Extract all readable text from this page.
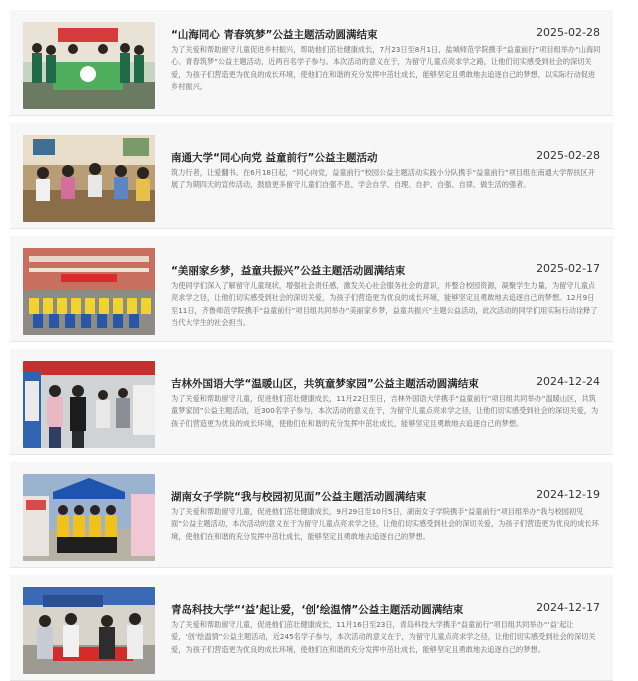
“山海同心 青春筑梦”公益主题活动圆满结束	2025-02-28
为了关爱和帮助留守儿童促进乡村振兴，帮助他们茁壮健康成长，7月23日至8月1日，盐城师范学院携手“益童前行”项目组举办“山海同心、青春筑梦”公益主题活动，近两百名学子参与。本次活动的意义在于，为留守儿童点亮求学之路，让他们切实感受到社会的深切关爱，为孩子们营造更为优良的成长环境，使他们在和谐的充分发挥中茁壮成长，能够坚定且勇敢地去追逐自己的梦想，以实际行动促进乡村振兴。
南通大学“同心向党 益童前行”公益主题活动	2025-02-28
筑力行者，让爱翻书。在6月18日起，“同心向党，益童前行”校园公益主题活动实践小分队携手“益童前行”项目组在南通大学帮扶区开展了为期四天的宣传活动，鼓励更多留守儿童们自强不息，学会自学、自理、自护、自强、自律、做生活的强者。
“美丽家乡梦，益童共振兴”公益主题活动圆满结束	2025-02-17
为使同学们深入了解留守儿童现状，增强社会责任感，激发关心社会服务社会的意识，并整合校园资源，凝聚学生力量，为留守儿童点亮求学之径，让他们切实感受到社会的深切关爱，为孩子们营造更为优良的成长环境，能够坚定且勇敢地去追逐自己的梦想。12月9日至11日，齐鲁师范学院携手“益童前行”项目组共同举办“美丽家乡梦，益童共振兴”主题公益活动，此次活动的同学们用实际行动诠释了当代大学生的社会担当。
吉林外国语大学“温暖山区，共筑童梦家园”公益主题活动圆满结束	2024-12-24
为了关爱和帮助留守儿童，促进他们茁壮健康成长，11月22日至日，吉林外国语大学携手“益童前行”项目组共同举办“温暖山区，共筑童梦家园”公益主题活动，近300名学子参与，本次活动的意义在于，为留守儿童点亮求学之径，让他们切实感受到社会的深切关爱，为孩子们营造更为优良的成长环境，使他们在和谐的充分发挥中茁壮成长，能够坚定且勇敢地去追逐自己的梦想。
湖南女子学院“我与校园初见面”公益主题活动圆满结束	2024-12-19
为了关爱和帮助留守儿童，促进他们茁壮健康成长，9月29日至10月5日，湖南女子学院携手“益童前行”项目组举办“我与校园初见面”公益主题活动，本次活动的意义在于为留守儿童点亮求学之径，让他们切实感受到社会的深切关爱，为孩子们营造更为优良的成长环境，使他们在和谐的充分发挥中茁壮成长，能够坚定且勇敢地去追逐自己的梦想。
青岛科技大学“‘益’起让爱，‘创’绘温情”公益主题活动圆满结束	2024-12-17
为了关爱和帮助留守儿童，促进他们茁壮健康成长，11月16日至23日，青岛科技大学携手“益童前行”项目组共同举办“‘益’起让爱，‘创’绘温情”公益主题活动，近245名学子参与，本次活动的意义在于，为留守儿童点亮求学之径，让他们切实感受到社会的深切关爱，为孩子们营造更为优良的成长环境，使他们在和谐的充分发挥中茁壮成长，能够坚定且勇敢地去追逐自己的梦想。
